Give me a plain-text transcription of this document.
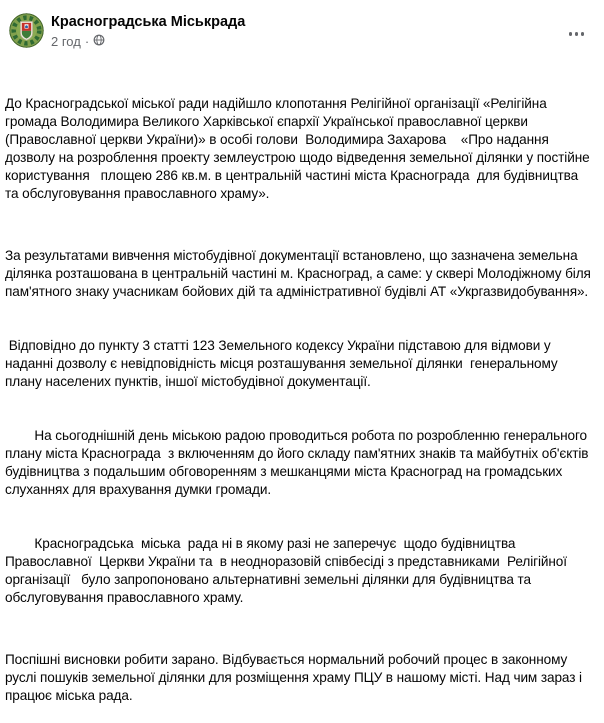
Красноградська Міськрада
2 год ·

До Красноградської міської ради надійшло клопотання Релігійної організації «Релігійна громада Володимира Великого Харківської єпархії Української православної церкви (Православної церкви України)» в особі голови  Володимира Захарова    «Про надання дозволу на розроблення проекту землеустрою щодо відведення земельної ділянки у постійне користування   площею 286 кв.м. в центральній частині міста Краснограда  для будівництва   та обслуговування православного храму».

За результатами вивчення містобудівної документації встановлено, що зазначена земельна ділянка розташована в центральній частині м. Красноград, а саме: у сквері Молодіжному біля пам'ятного знаку учасникам бойових дій та адміністративної будівлі АТ «Укргазвидобування».

Відповідно до пункту 3 статті 123 Земельного кодексу України підставою для відмови у наданні дозволу є невідповідність місця розташування земельної ділянки  генеральному плану населених пунктів, іншої містобудівної документації.

На сьогоднішній день міською радою проводиться робота по розробленню генерального плану міста Краснограда  з включенням до його складу пам'ятних знаків та майбутніх об'єктів будівництва з подальшим обговоренням з мешканцями міста Красноград на громадських слуханнях для врахування думки громади.

Красноградська  міська  рада ні в якому разі не заперечує  щодо будівництва Православної  Церкви України та  в неодноразовій співбесіді з представниками  Релігійної організації   було запропоновано альтернативні земельні ділянки для будівництва та обслуговування православного храму.

Поспішні висновки робити зарано. Відбувається нормальний робочий процес в законному руслі пошуків земельної ділянки для розміщення храму ПЦУ в нашому місті. Над чим зараз і працює міська рада.
